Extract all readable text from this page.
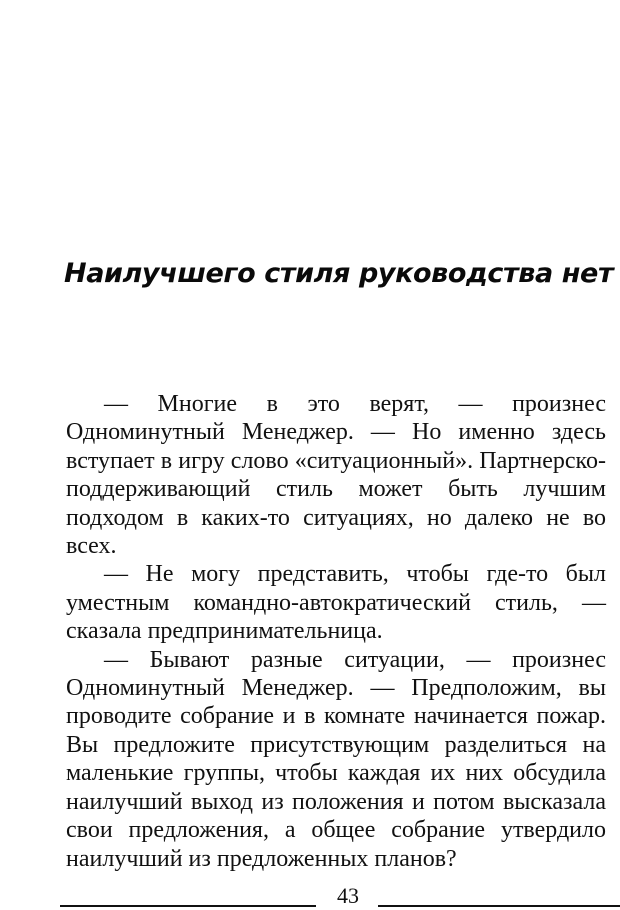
Наилучшего стиля руководства нет

— Многие в это верят, — произнес Одноминутный Менеджер. — Но именно здесь вступает в игру слово «ситуационный». Партнерско-поддерживающий стиль может быть лучшим подходом в каких-то ситуациях, но далеко не во всех.

— Не могу представить, чтобы где-то был уместным командно-автократический стиль, — сказала предпринимательница.

— Бывают разные ситуации, — произнес Одноминутный Менеджер. — Предположим, вы проводите собрание и в комнате начинается пожар. Вы предложите присутствующим разделиться на маленькие группы, чтобы каждая их них обсудила наилучший выход из положения и потом высказала свои предложения, а общее собрание утвердило наилучший из предложенных планов?

43
